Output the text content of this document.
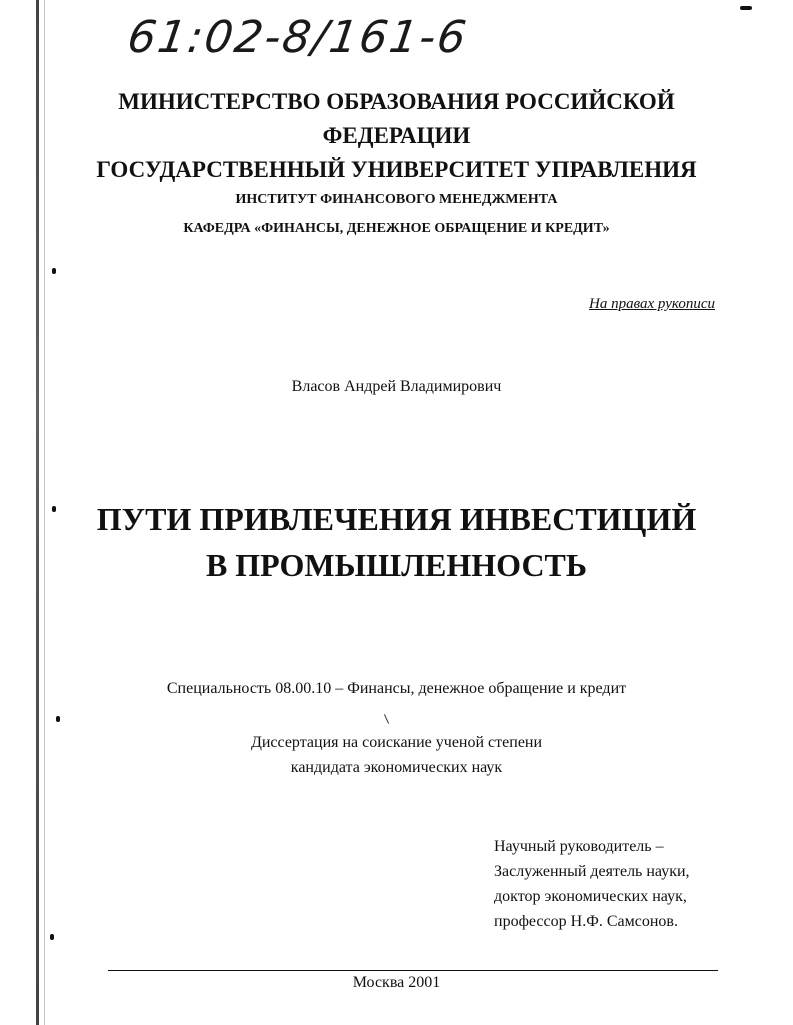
61:02-8/161-6
МИНИСТЕРСТВО ОБРАЗОВАНИЯ РОССИЙСКОЙ
ФЕДЕРАЦИИ
ГОСУДАРСТВЕННЫЙ УНИВЕРСИТЕТ УПРАВЛЕНИЯ
ИНСТИТУТ ФИНАНСОВОГО МЕНЕДЖМЕНТА
КАФЕДРА «ФИНАНСЫ, ДЕНЕЖНОЕ ОБРАЩЕНИЕ И КРЕДИТ»
На правах рукописи
Власов Андрей Владимирович
ПУТИ ПРИВЛЕЧЕНИЯ ИНВЕСТИЦИЙ
В ПРОМЫШЛЕННОСТЬ
Специальность 08.00.10 – Финансы, денежное обращение и кредит
Диссертация на соискание ученой степени
кандидата экономических наук
Научный руководитель –
Заслуженный деятель науки,
доктор экономических наук,
профессор Н.Ф. Самсонов.
Москва 2001
